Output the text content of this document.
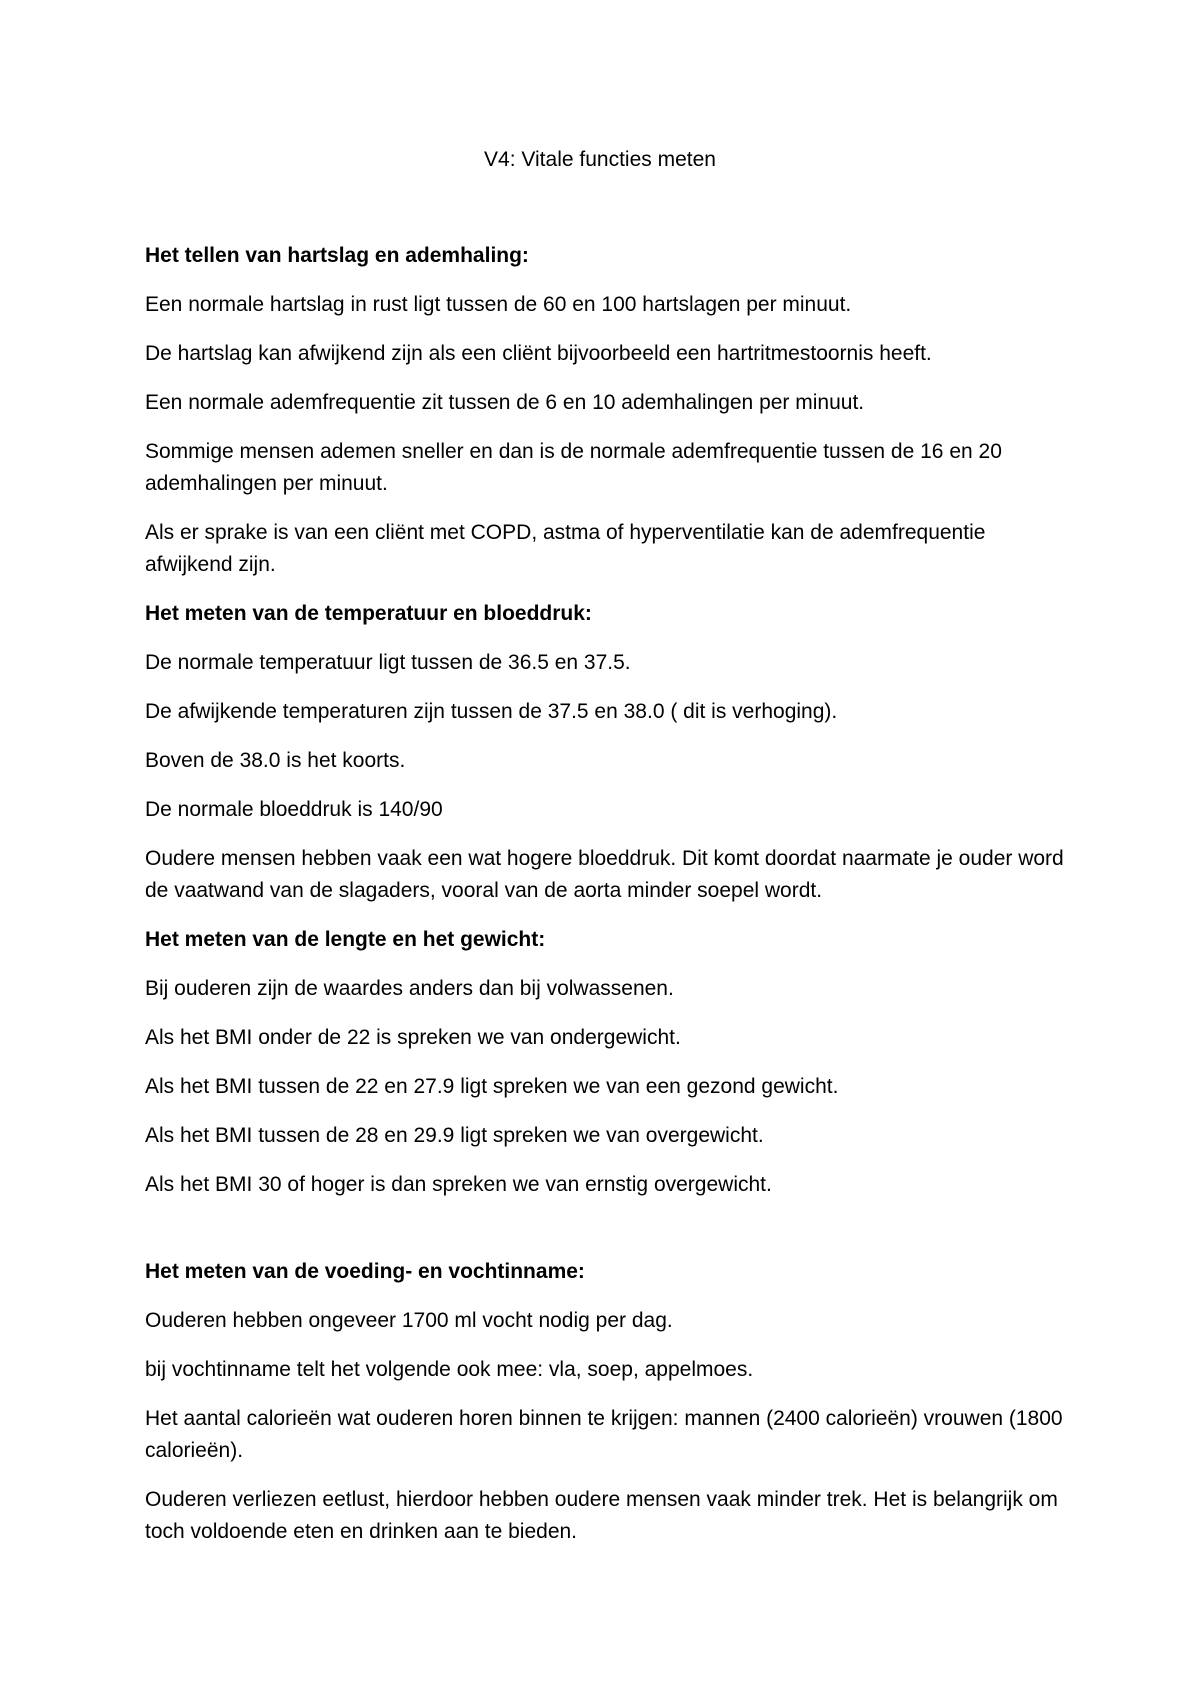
V4: Vitale functies meten

Het tellen van hartslag en ademhaling:

Een normale hartslag in rust ligt tussen de 60 en 100 hartslagen per minuut.

De hartslag kan afwijkend zijn als een cliënt bijvoorbeeld een hartritmestoornis heeft.

Een normale ademfrequentie zit tussen de 6 en 10 ademhalingen per minuut.

Sommige mensen ademen sneller en dan is de normale ademfrequentie tussen de 16 en 20 ademhalingen per minuut.

Als er sprake is van een cliënt met COPD, astma of hyperventilatie kan de ademfrequentie afwijkend zijn.

Het meten van de temperatuur en bloeddruk:

De normale temperatuur ligt tussen de 36.5 en 37.5.

De afwijkende temperaturen zijn tussen de 37.5 en 38.0 ( dit is verhoging).

Boven de 38.0 is het koorts.

De normale bloeddruk is 140/90

Oudere mensen hebben vaak een wat hogere bloeddruk. Dit komt doordat naarmate je ouder word de vaatwand van de slagaders, vooral van de aorta minder soepel wordt.

Het meten van de lengte en het gewicht:

Bij ouderen zijn de waardes anders dan bij volwassenen.

Als het BMI onder de 22 is spreken we van ondergewicht.

Als het BMI tussen de 22 en 27.9 ligt spreken we van een gezond gewicht.

Als het BMI tussen de 28 en 29.9 ligt spreken we van overgewicht.

Als het BMI 30 of hoger is dan spreken we van ernstig overgewicht.

Het meten van de voeding- en vochtinname:

Ouderen hebben ongeveer 1700 ml vocht nodig per dag.

bij vochtinname telt het volgende ook mee: vla, soep, appelmoes.

Het aantal calorieën wat ouderen horen binnen te krijgen: mannen (2400 calorieën) vrouwen (1800 calorieën).

Ouderen verliezen eetlust, hierdoor hebben oudere mensen vaak minder trek. Het is belangrijk om toch voldoende eten en drinken aan te bieden.
